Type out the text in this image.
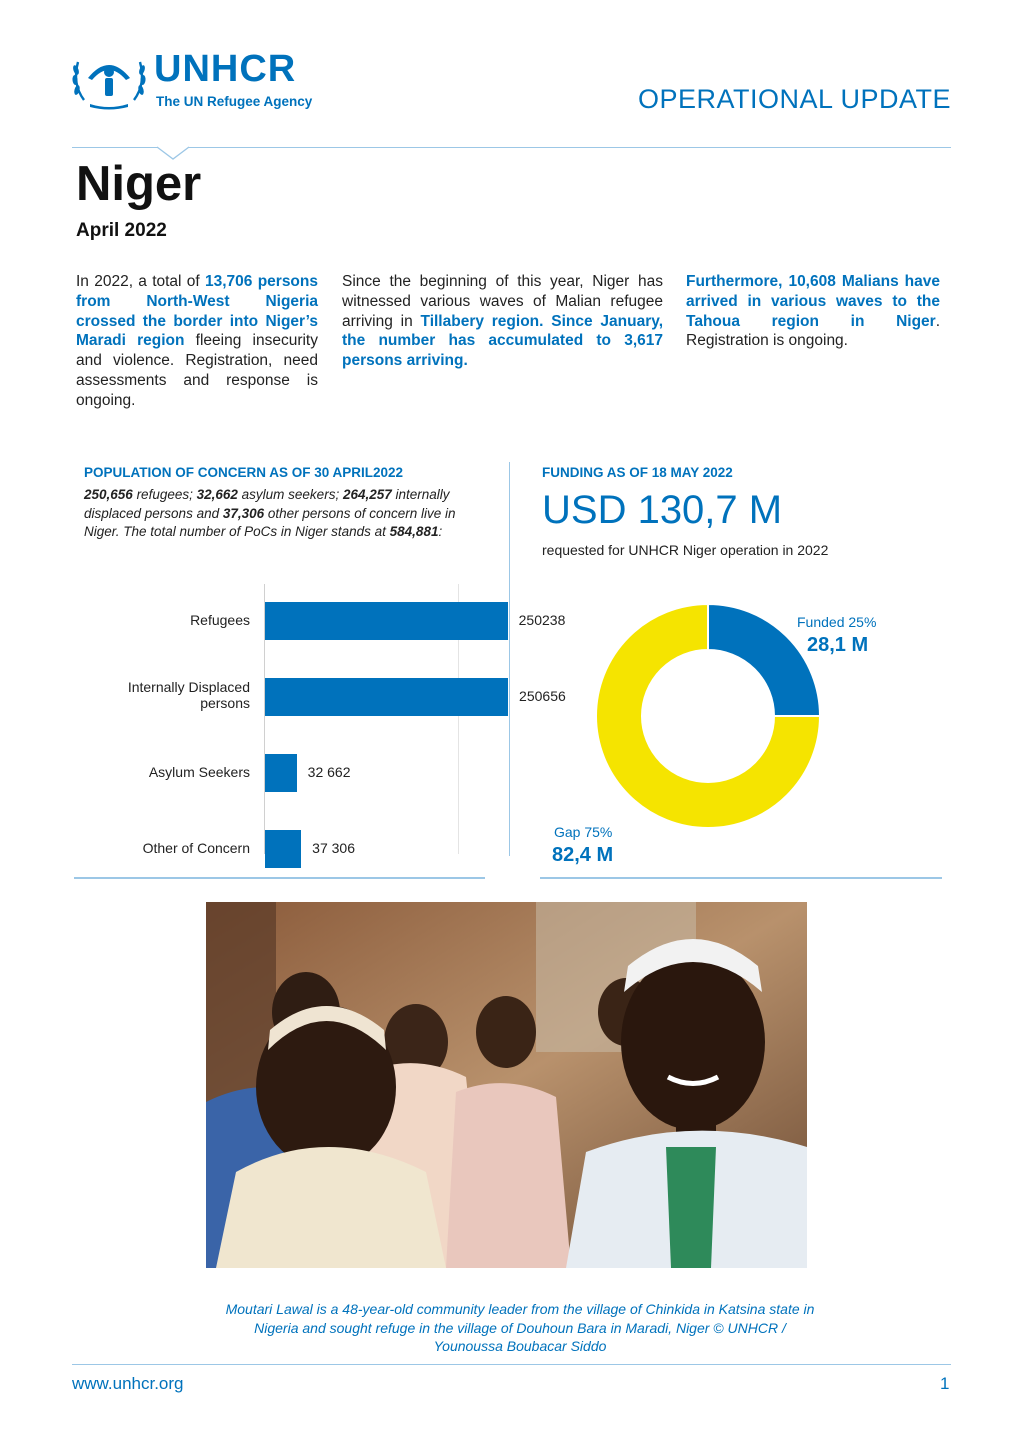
UNHCR
The UN Refugee Agency	OPERATIONAL UPDATE
Niger
April 2022
In 2022, a total of 13,706 persons from North-West Nigeria crossed the border into Niger’s Maradi region fleeing insecurity and violence. Registration, need assessments and response is ongoing.
Since the beginning of this year, Niger has witnessed various waves of Malian refugee arriving in Tillabery region. Since January, the number has accumulated to 3,617 persons arriving.
Furthermore, 10,608 Malians have arrived in various waves to the Tahoua region in Niger. Registration is ongoing.
POPULATION OF CONCERN AS OF 30 APRIL2022
250,656 refugees; 32,662 asylum seekers; 264,257 internally displaced persons and 37,306 other persons of concern live in Niger. The total number of PoCs in Niger stands at 584,881:
Refugees	250238
Internally Displaced persons	250656
Asylum Seekers	32 662
Other of Concern	37 306
FUNDING AS OF 18 MAY 2022
USD 130,7 M
requested for UNHCR Niger operation in 2022
Funded 25%
28,1 M
Gap 75%
82,4 M
Moutari Lawal is a 48-year-old community leader from the village of Chinkida in Katsina state in Nigeria and sought refuge in the village of Douhoun Bara in Maradi, Niger © UNHCR / Younoussa Boubacar Siddo
www.unhcr.org	1
